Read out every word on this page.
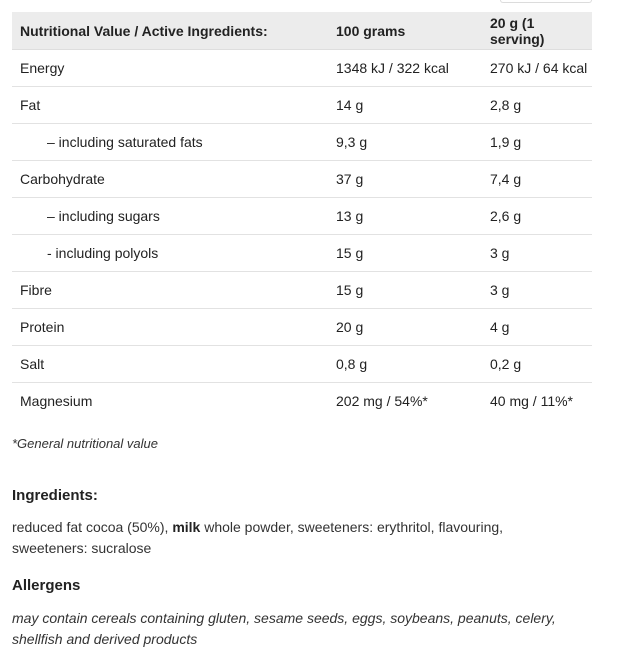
Nutritional Value / Active Ingredients:	100 grams	20 g (1 serving)
Energy	1348 kJ / 322 kcal	270 kJ / 64 kcal
Fat	14 g	2,8 g
– including saturated fats	9,3 g	1,9 g
Carbohydrate	37 g	7,4 g
– including sugars	13 g	2,6 g
- including polyols	15 g	3 g
Fibre	15 g	3 g
Protein	20 g	4 g
Salt	0,8 g	0,2 g
Magnesium	202 mg / 54%*	40 mg / 11%*
*General nutritional value
Ingredients:
reduced fat cocoa (50%), milk whole powder, sweeteners: erythritol, flavouring, sweeteners: sucralose
Allergens
may contain cereals containing gluten, sesame seeds, eggs, soybeans, peanuts, celery, shellfish and derived products
